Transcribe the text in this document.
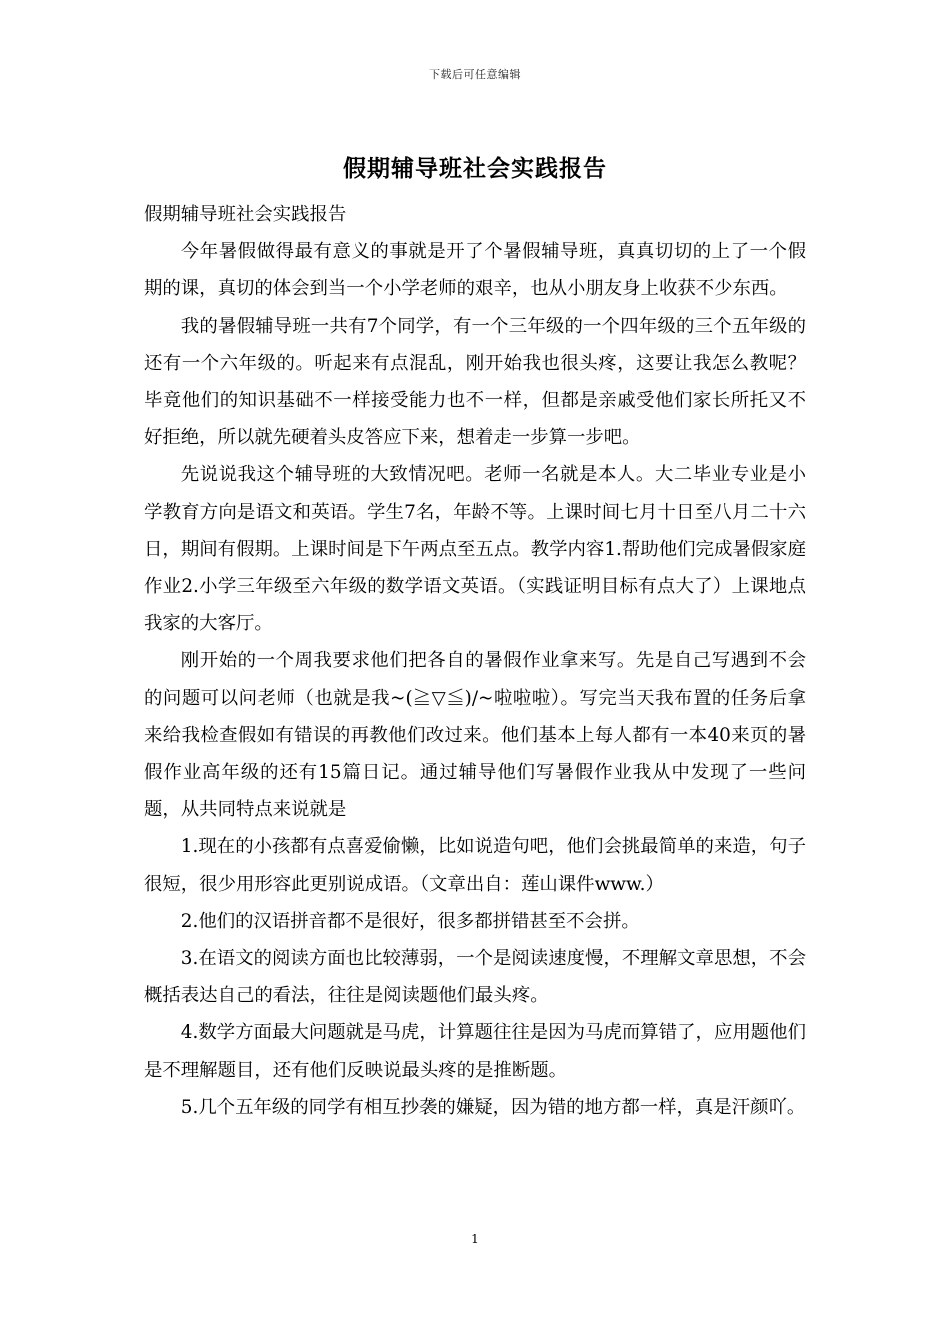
下载后可任意编辑
假期辅导班社会实践报告

假期辅导班社会实践报告

今年暑假做得最有意义的事就是开了个暑假辅导班，真真切切的上了一个假期的课，真切的体会到当一个小学老师的艰辛，也从小朋友身上收获不少东西。

我的暑假辅导班一共有7个同学，有一个三年级的一个四年级的三个五年级的还有一个六年级的。听起来有点混乱，刚开始我也很头疼，这要让我怎么教呢？毕竟他们的知识基础不一样接受能力也不一样，但都是亲戚受他们家长所托又不好拒绝，所以就先硬着头皮答应下来，想着走一步算一步吧。

先说说我这个辅导班的大致情况吧。老师一名就是本人。大二毕业专业是小学教育方向是语文和英语。学生7名，年龄不等。上课时间七月十日至八月二十六日，期间有假期。上课时间是下午两点至五点。教学内容1.帮助他们完成暑假家庭作业2.小学三年级至六年级的数学语文英语。（实践证明目标有点大了）上课地点我家的大客厅。

刚开始的一个周我要求他们把各自的暑假作业拿来写。先是自己写遇到不会的问题可以问老师（也就是我~(≧▽≦)/~啦啦啦）。写完当天我布置的任务后拿来给我检查假如有错误的再教他们改过来。他们基本上每人都有一本40来页的暑假作业高年级的还有15篇日记。通过辅导他们写暑假作业我从中发现了一些问题，从共同特点来说就是

1.现在的小孩都有点喜爱偷懒，比如说造句吧，他们会挑最简单的来造，句子很短，很少用形容此更别说成语。（文章出自：莲山课件www.）

2.他们的汉语拼音都不是很好，很多都拼错甚至不会拼。

3.在语文的阅读方面也比较薄弱，一个是阅读速度慢，不理解文章思想，不会概括表达自己的看法，往往是阅读题他们最头疼。

4.数学方面最大问题就是马虎，计算题往往是因为马虎而算错了，应用题他们是不理解题目，还有他们反映说最头疼的是推断题。

5.几个五年级的同学有相互抄袭的嫌疑，因为错的地方都一样，真是汗颜吖。

1
